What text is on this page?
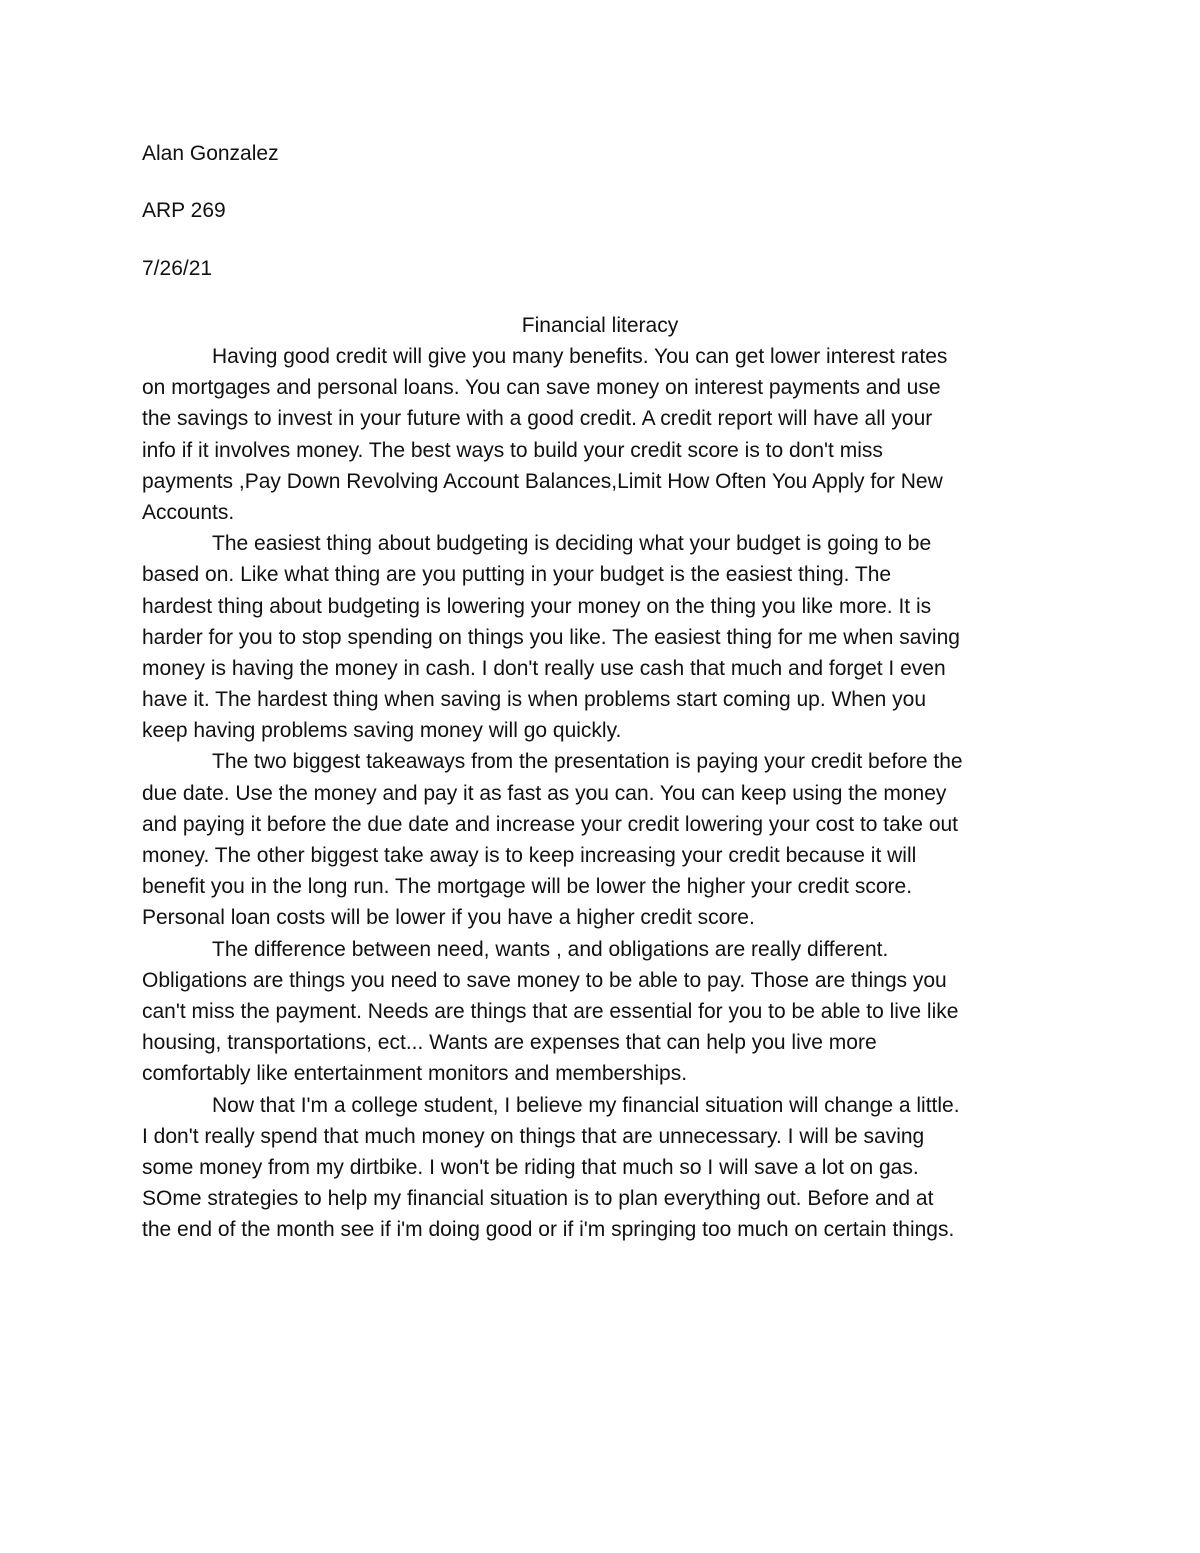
Alan Gonzalez
ARP 269
7/26/21
Financial literacy
Having good credit will give you many benefits. You can get lower interest rates
on mortgages and personal loans. You can save money on interest payments and use
the savings to invest in your future with a good credit. A credit report will have all your
info if it involves money. The best ways to build your credit score is to don't miss
payments ,Pay Down Revolving Account Balances,Limit How Often You Apply for New
Accounts.
The easiest thing about budgeting is deciding what your budget is going to be
based on. Like what thing are you putting in your budget is the easiest thing. The
hardest thing about budgeting is lowering your money on the thing you like more. It is
harder for you to stop spending on things you like. The easiest thing for me when saving
money is having the money in cash. I don't really use cash that much and forget I even
have it. The hardest thing when saving is when problems start coming up. When you
keep having problems saving money will go quickly.
The two biggest takeaways from the presentation is paying your credit before the
due date. Use the money and pay it as fast as you can. You can keep using the money
and paying it before the due date and increase your credit lowering your cost to take out
money. The other biggest take away is to keep increasing your credit because it will
benefit you in the long run. The mortgage will be lower the higher your credit score.
Personal loan costs will be lower if you have a higher credit score.
The difference between need, wants , and obligations are really different.
Obligations are things you need to save money to be able to pay. Those are things you
can't miss the payment. Needs are things that are essential for you to be able to live like
housing, transportations, ect... Wants are expenses that can help you live more
comfortably like entertainment monitors and memberships.
Now that I'm a college student, I believe my financial situation will change a little.
I don't really spend that much money on things that are unnecessary. I will be saving
some money from my dirtbike. I won't be riding that much so I will save a lot on gas.
SOme strategies to help my financial situation is to plan everything out. Before and at
the end of the month see if i'm doing good or if i'm springing too much on certain things.
